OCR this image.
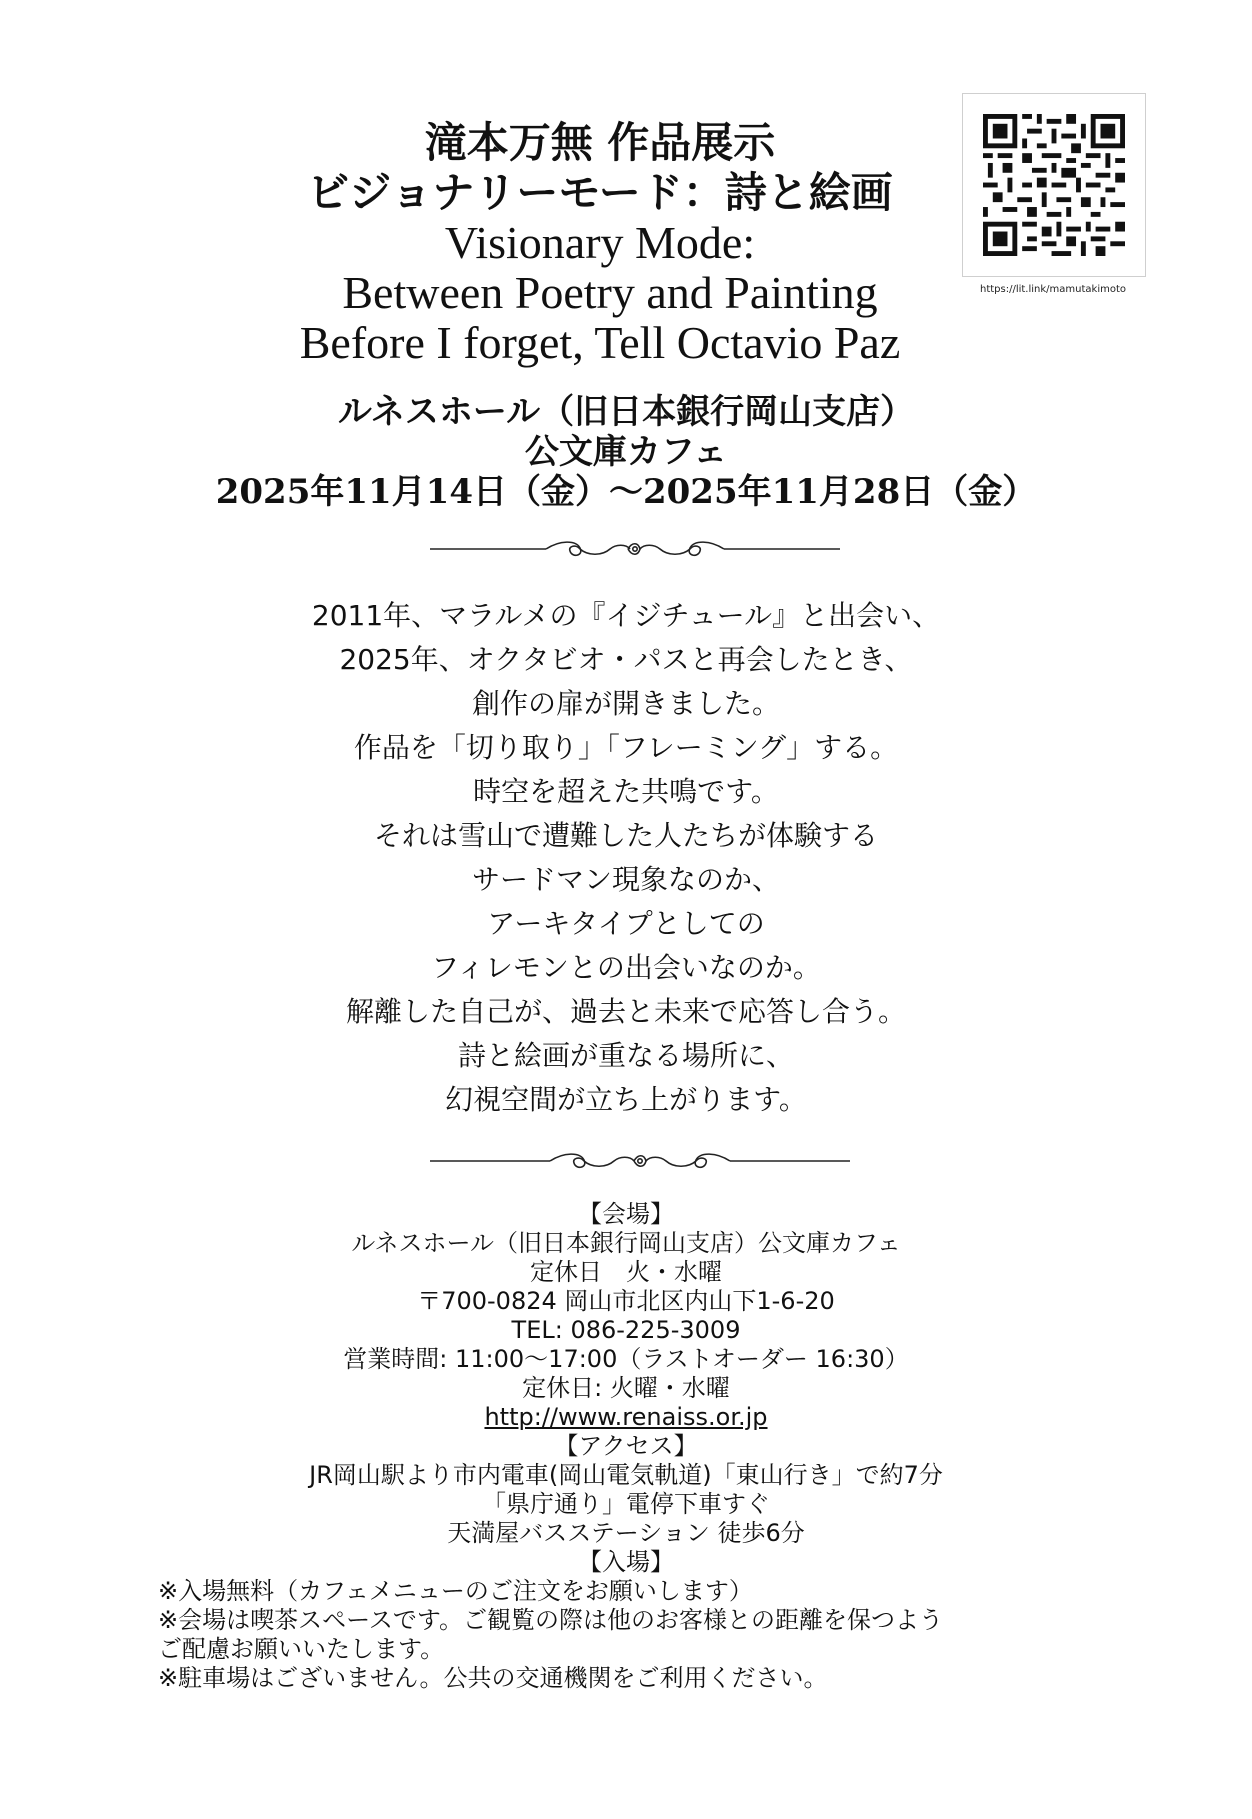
滝本万無 作品展示
ビジョナリーモード：詩と絵画
Visionary Mode:
Between Poetry and Painting
Before I forget, Tell Octavio Paz
https://lit.link/mamutakimoto
ルネスホール（旧日本銀行岡山支店）
公文庫カフェ
2025年11月14日（金）～2025年11月28日（金）
2011年、マラルメの『イジチュール』と出会い、
2025年、オクタビオ・パスと再会したとき、
創作の扉が開きました。
作品を「切り取り」「フレーミング」する。
時空を超えた共鳴です。
それは雪山で遭難した人たちが体験する
サードマン現象なのか、
アーキタイプとしての
フィレモンとの出会いなのか。
解離した自己が、過去と未来で応答し合う。
詩と絵画が重なる場所に、
幻視空間が立ち上がります。
【会場】
ルネスホール（旧日本銀行岡山支店）公文庫カフェ
定休日　火・水曜
〒700-0824 岡山市北区内山下1-6-20
TEL: 086-225-3009
営業時間: 11:00～17:00（ラストオーダー 16:30）
定休日: 火曜・水曜
http://www.renaiss.or.jp
【アクセス】
JR岡山駅より市内電車(岡山電気軌道)「東山行き」で約7分
「県庁通り」電停下車すぐ
天満屋バスステーション 徒歩6分
【入場】
※入場無料（カフェメニューのご注文をお願いします）
※会場は喫茶スペースです。ご観覧の際は他のお客様との距離を保つよう
ご配慮お願いいたします。
※駐車場はございません。公共の交通機関をご利用ください。
